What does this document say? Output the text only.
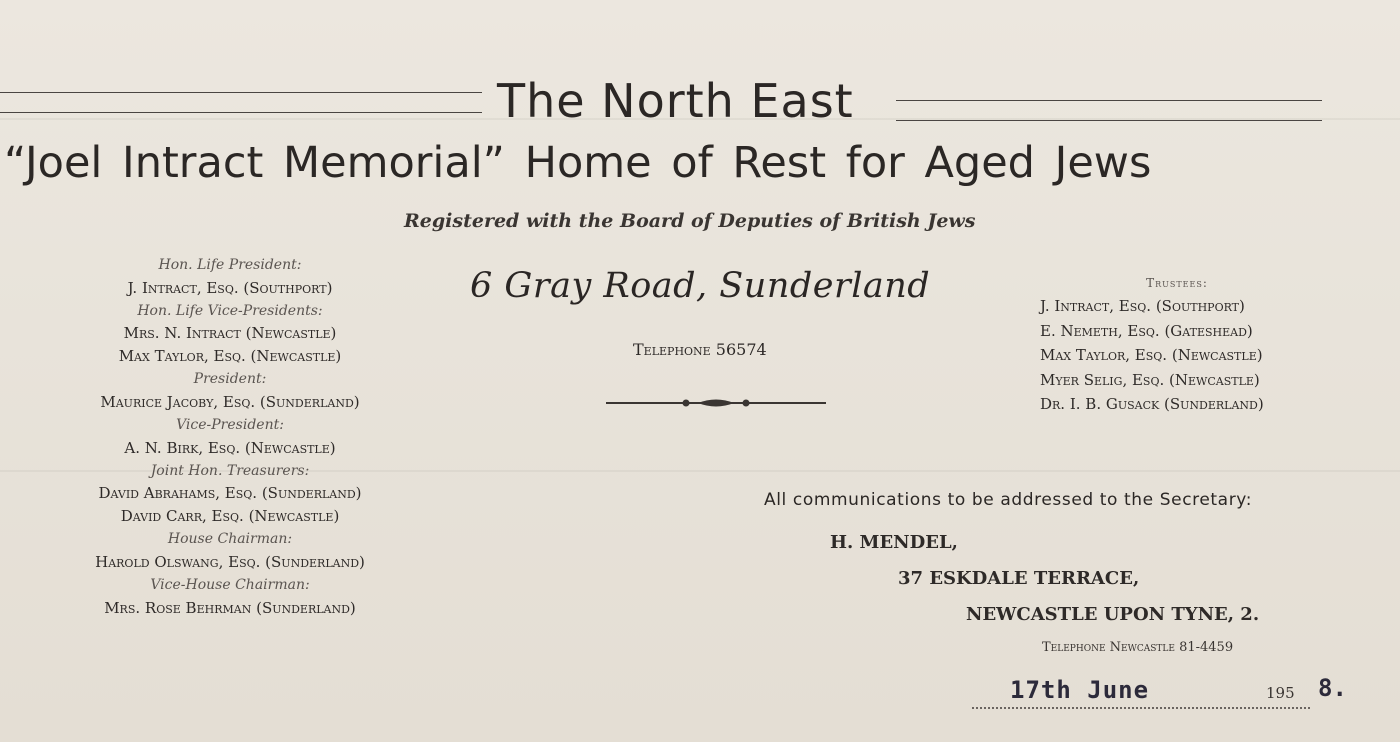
The North East
“Joel Intract Memorial” Home of Rest for Aged Jews
Registered with the Board of Deputies of British Jews
Hon. Life President:
J. Intract, Esq. (Southport)
Hon. Life Vice-Presidents:
Mrs. N. Intract (Newcastle)
Max Taylor, Esq. (Newcastle)
President:
Maurice Jacoby, Esq. (Sunderland)
Vice-President:
A. N. Birk, Esq. (Newcastle)
Joint Hon. Treasurers:
David Abrahams, Esq. (Sunderland)
David Carr, Esq. (Newcastle)
House Chairman:
Harold Olswang, Esq. (Sunderland)
Vice-House Chairman:
Mrs. Rose Behrman (Sunderland)
6 Gray Road, Sunderland
Telephone 56574
Trustees:
J. Intract, Esq. (Southport)
E. Nemeth, Esq. (Gateshead)
Max Taylor, Esq. (Newcastle)
Myer Selig, Esq. (Newcastle)
Dr. I. B. Gusack (Sunderland)
All communications to be addressed to the Secretary:
H. MENDEL,
37 ESKDALE TERRACE,
NEWCASTLE UPON TYNE, 2.
Telephone Newcastle 81-4459
17th June	195 8.
